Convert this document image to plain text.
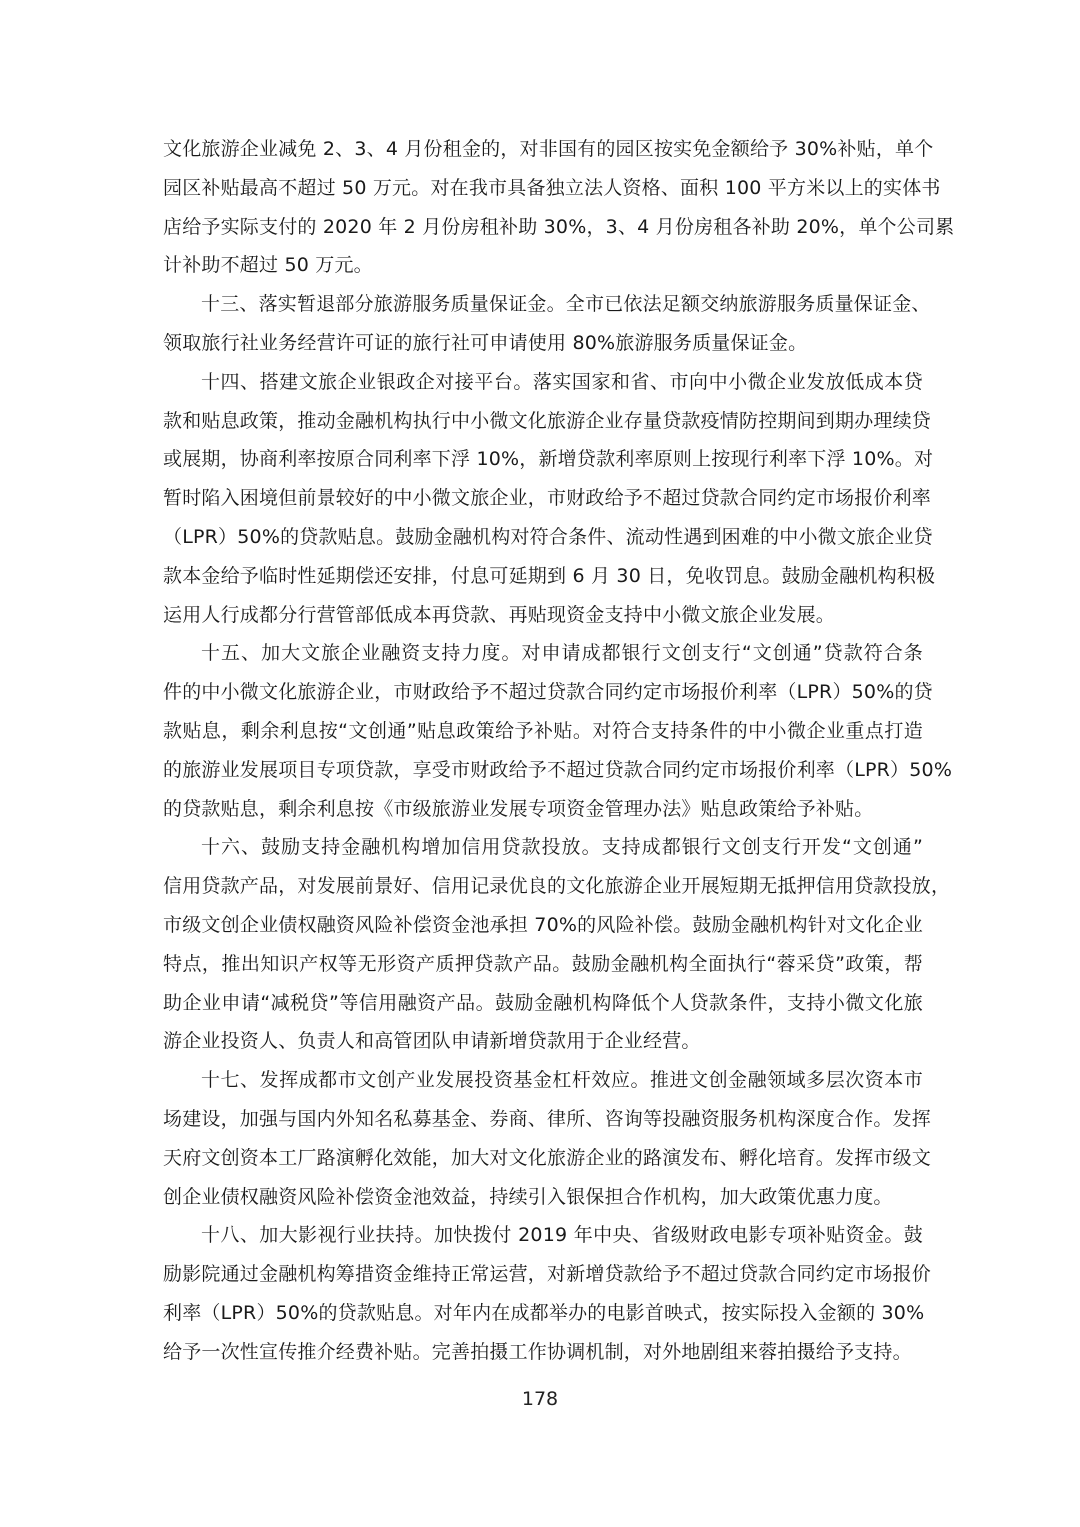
文化旅游企业减免 2、3、4 月份租金的，对非国有的园区按实免金额给予 30%补贴，单个
园区补贴最高不超过 50 万元。对在我市具备独立法人资格、面积 100 平方米以上的实体书
店给予实际支付的 2020 年 2 月份房租补助 30%，3、4 月份房租各补助 20%，单个公司累
计补助不超过 50 万元。
十三、落实暂退部分旅游服务质量保证金。全市已依法足额交纳旅游服务质量保证金、
领取旅行社业务经营许可证的旅行社可申请使用 80%旅游服务质量保证金。
十四、搭建文旅企业银政企对接平台。落实国家和省、市向中小微企业发放低成本贷
款和贴息政策，推动金融机构执行中小微文化旅游企业存量贷款疫情防控期间到期办理续贷
或展期，协商利率按原合同利率下浮 10%，新增贷款利率原则上按现行利率下浮 10%。对
暂时陷入困境但前景较好的中小微文旅企业，市财政给予不超过贷款合同约定市场报价利率
（LPR）50%的贷款贴息。鼓励金融机构对符合条件、流动性遇到困难的中小微文旅企业贷
款本金给予临时性延期偿还安排，付息可延期到 6 月 30 日，免收罚息。鼓励金融机构积极
运用人行成都分行营管部低成本再贷款、再贴现资金支持中小微文旅企业发展。
十五、加大文旅企业融资支持力度。对申请成都银行文创支行“文创通”贷款符合条
件的中小微文化旅游企业，市财政给予不超过贷款合同约定市场报价利率（LPR）50%的贷
款贴息，剩余利息按“文创通”贴息政策给予补贴。对符合支持条件的中小微企业重点打造
的旅游业发展项目专项贷款，享受市财政给予不超过贷款合同约定市场报价利率（LPR）50%
的贷款贴息，剩余利息按《市级旅游业发展专项资金管理办法》贴息政策给予补贴。
十六、鼓励支持金融机构增加信用贷款投放。支持成都银行文创支行开发“文创通”
信用贷款产品，对发展前景好、信用记录优良的文化旅游企业开展短期无抵押信用贷款投放，
市级文创企业债权融资风险补偿资金池承担 70%的风险补偿。鼓励金融机构针对文化企业
特点，推出知识产权等无形资产质押贷款产品。鼓励金融机构全面执行“蓉采贷”政策，帮
助企业申请“减税贷”等信用融资产品。鼓励金融机构降低个人贷款条件，支持小微文化旅
游企业投资人、负责人和高管团队申请新增贷款用于企业经营。
十七、发挥成都市文创产业发展投资基金杠杆效应。推进文创金融领域多层次资本市
场建设，加强与国内外知名私募基金、券商、律所、咨询等投融资服务机构深度合作。发挥
天府文创资本工厂路演孵化效能，加大对文化旅游企业的路演发布、孵化培育。发挥市级文
创企业债权融资风险补偿资金池效益，持续引入银保担合作机构，加大政策优惠力度。
十八、加大影视行业扶持。加快拨付 2019 年中央、省级财政电影专项补贴资金。鼓
励影院通过金融机构筹措资金维持正常运营，对新增贷款给予不超过贷款合同约定市场报价
利率（LPR）50%的贷款贴息。对年内在成都举办的电影首映式，按实际投入金额的 30%
给予一次性宣传推介经费补贴。完善拍摄工作协调机制，对外地剧组来蓉拍摄给予支持。
178
